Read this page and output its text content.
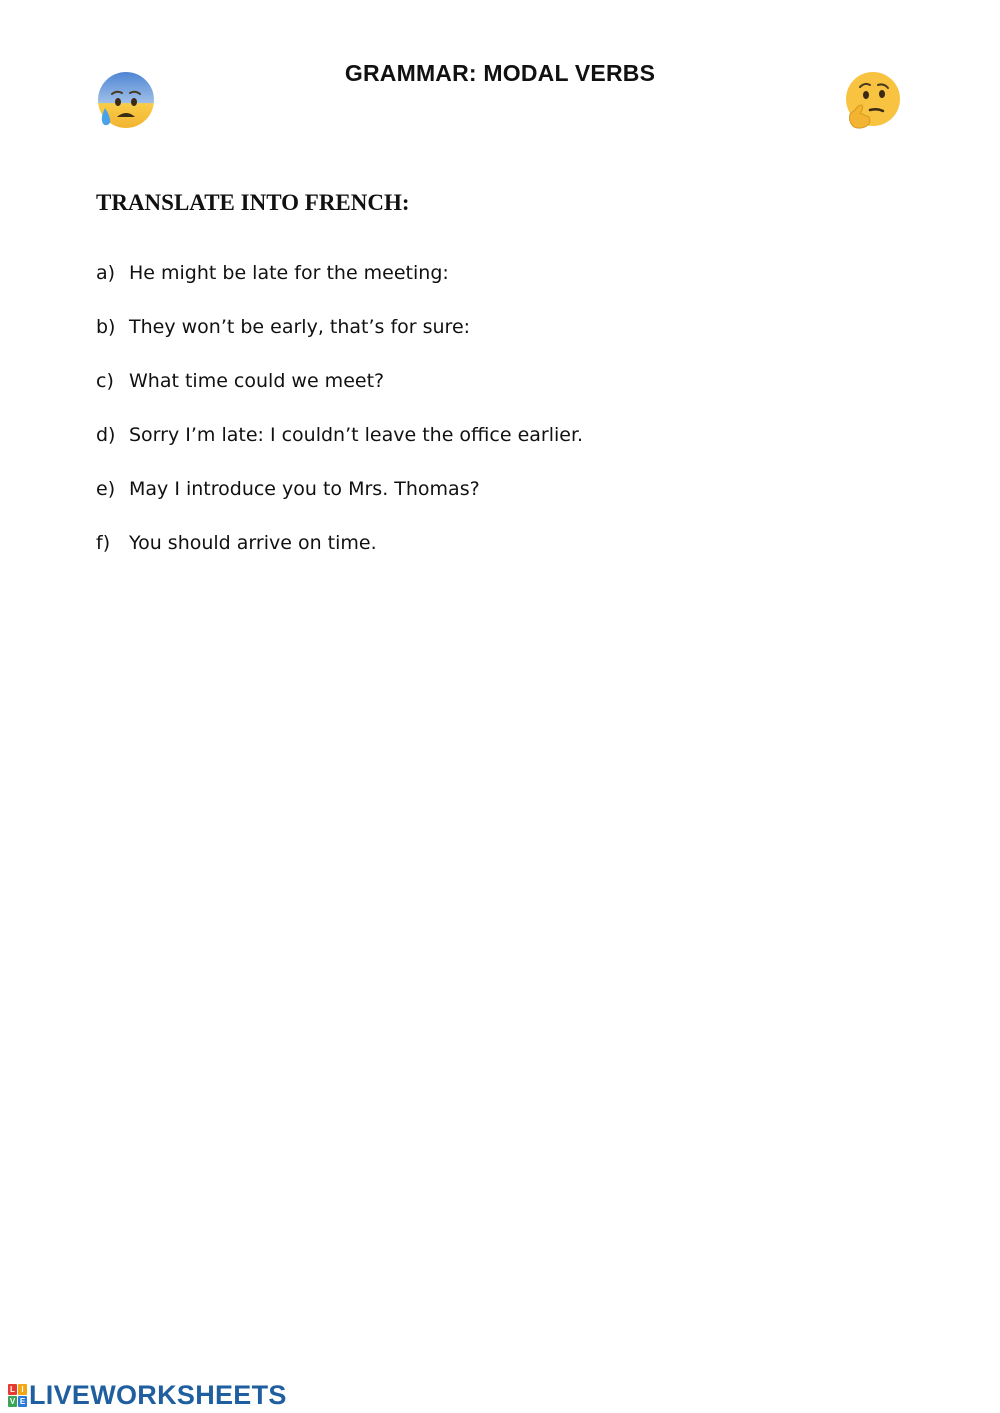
GRAMMAR: MODAL VERBS
TRANSLATE INTO FRENCH:
a) He might be late for the meeting:
b) They won’t be early, that’s for sure:
c) What time could we meet?
d) Sorry I’m late: I couldn’t leave the office earlier.
e) May I introduce you to Mrs. Thomas?
f) You should arrive on time.
L I
V E LIVEWORKSHEETS
